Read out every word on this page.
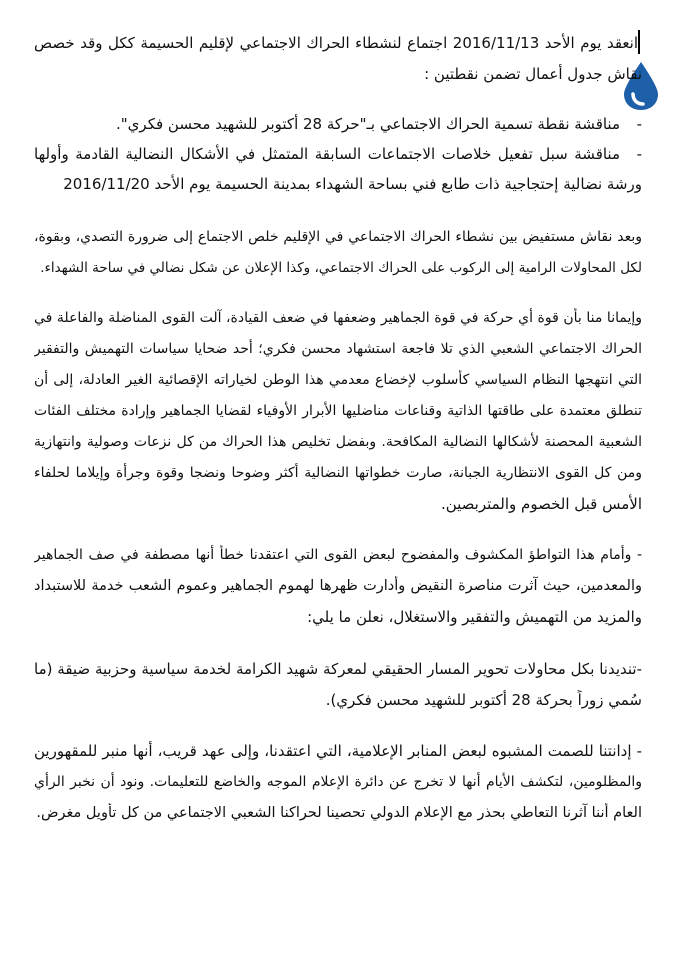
انعقد يوم الأحد 2016/11/13 اجتماع لنشطاء الحراك الاجتماعي لإقليم الحسيمة ككل وقد خصص
نقاش جدول أعمال تضمن نقطتين :
-
مناقشة نقطة تسمية الحراك الاجتماعي بـ"حركة 28 أكتوبر للشهيد محسن فكري".
-
مناقشة سبل تفعيل خلاصات الاجتماعات السابقة المتمثل في الأشكال النضالية القادمة وأولها
ورشة نضالية إحتجاجية ذات طابع فني بساحة الشهداء بمدينة الحسيمة يوم الأحد 2016/11/20
وبعد نقاش مستفيض بين نشطاء الحراك الاجتماعي في الإقليم خلص الاجتماع إلى ضرورة التصدي، وبقوة،
لكل المحاولات الرامية إلى الركوب على الحراك الاجتماعي، وكذا الإعلان عن شكل نضالي في ساحة الشهداء.
وإيمانا منا بأن قوة أي حركة في قوة الجماهير وضعفها في ضعف القيادة، آلت القوى المناضلة والفاعلة في
الحراك الاجتماعي الشعبي الذي تلا فاجعة استشهاد محسن فكري؛ أحد ضحايا سياسات التهميش والتفقير
التي انتهجها النظام السياسي كأسلوب لإخضاع معدمي هذا الوطن لخياراته الإقصائية الغير العادلة، إلى أن
تنطلق معتمدة على طاقتها الذاتية وقناعات مناضليها الأبرار الأوفياء لقضايا الجماهير وإرادة مختلف الفئات
الشعبية المحصنة لأشكالها النضالية المكافحة. وبفضل تخليص هذا الحراك من كل نزعات وصولية وانتهازية
ومن كل القوى الانتظارية الجبانة، صارت خطواتها النضالية أكثر وضوحا ونضجا وقوة وجرأة وإيلاما لحلفاء
الأمس قبل الخصوم والمتربصين.
- وأمام هذا التواطؤ المكشوف والمفضوح لبعض القوى التي اعتقدنا خطأ أنها مصطفة في صف الجماهير
والمعدمين، حيث آثرت مناصرة النقيض وأدارت ظهرها لهموم الجماهير وعموم الشعب خدمة للاستبداد
والمزيد من التهميش والتفقير والاستغلال، نعلن ما يلي:
-تنديدنا بكل محاولات تحوير المسار الحقيقي لمعركة شهيد الكرامة لخدمة سياسية وحزبية ضيقة (ما
سُمي زوراً بحركة 28 أكتوبر للشهيد محسن فكري).
- إدانتنا للصمت المشبوه لبعض المنابر الإعلامية، التي اعتقدنا، وإلى عهد قريب، أنها منبر للمقهورين
والمظلومين، لتكشف الأيام أنها لا تخرج عن دائرة الإعلام الموجه والخاضع للتعليمات. ونود أن نخبر الرأي
العام أننا آثرنا التعاطي بحذر مع الإعلام الدولي تحصينا لحراكنا الشعبي الاجتماعي من كل تأويل مغرض.
